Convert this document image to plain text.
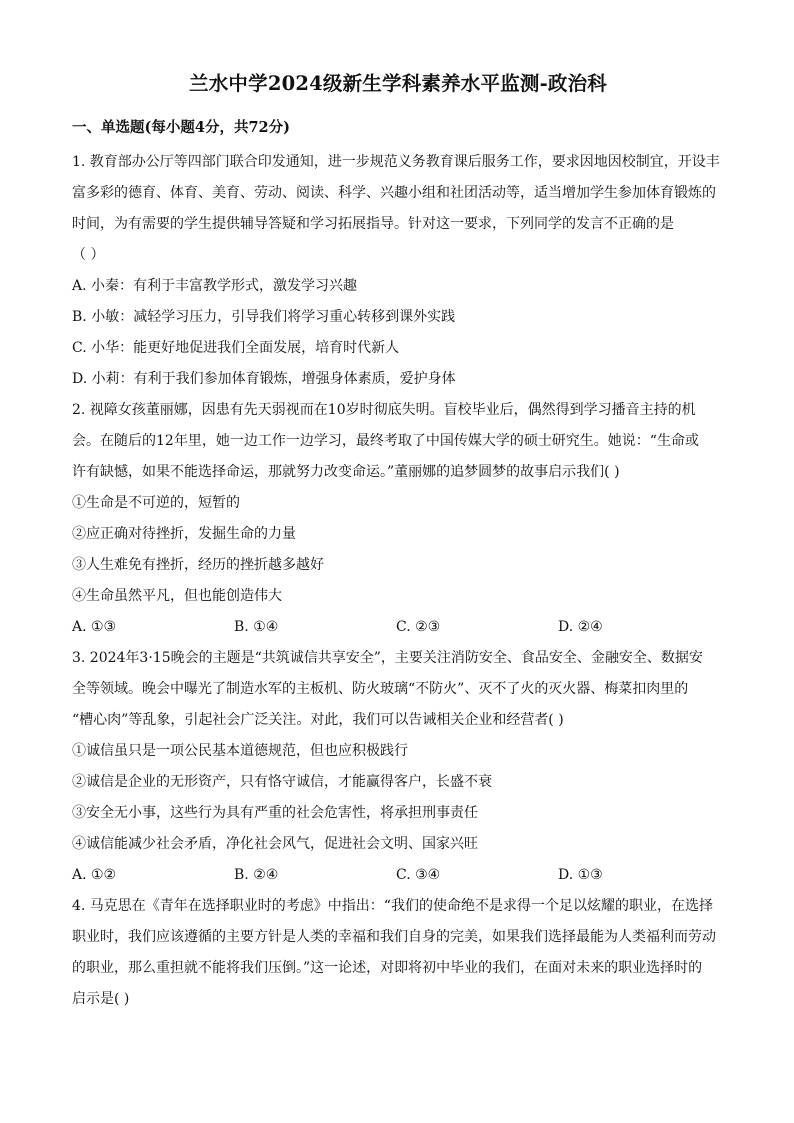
兰水中学2024级新生学科素养水平监测-政治科
一、单选题(每小题4分，共72分)
1. 教育部办公厅等四部门联合印发通知，进一步规范义务教育课后服务工作，要求因地因校制宜，开设丰
富多彩的德育、体育、美育、劳动、阅读、科学、兴趣小组和社团活动等，适当增加学生参加体育锻炼的
时间，为有需要的学生提供辅导答疑和学习拓展指导。针对这一要求，下列同学的发言不正确的是
（ ）
A. 小秦：有利于丰富教学形式，激发学习兴趣
B. 小敏：减轻学习压力，引导我们将学习重心转移到课外实践
C. 小华：能更好地促进我们全面发展，培育时代新人
D. 小莉：有利于我们参加体育锻炼，增强身体素质，爱护身体
2. 视障女孩董丽娜，因患有先天弱视而在10岁时彻底失明。盲校毕业后，偶然得到学习播音主持的机
会。在随后的12年里，她一边工作一边学习，最终考取了中国传媒大学的硕士研究生。她说：“生命或
许有缺憾，如果不能选择命运，那就努力改变命运。”董丽娜的追梦圆梦的故事启示我们( )
①生命是不可逆的，短暂的
②应正确对待挫折，发掘生命的力量
③人生难免有挫折，经历的挫折越多越好
④生命虽然平凡，但也能创造伟大
A. ①③	B. ①④	C. ②③	D. ②④
3. 2024年3·15晚会的主题是“共筑诚信共享安全”，主要关注消防安全、食品安全、金融安全、数据安
全等领域。晚会中曝光了制造水军的主板机、防火玻璃“不防火”、灭不了火的灭火器、梅菜扣肉里的
“槽心肉”等乱象，引起社会广泛关注。对此，我们可以告诫相关企业和经营者( )
①诚信虽只是一项公民基本道德规范，但也应积极践行
②诚信是企业的无形资产，只有恪守诚信，才能赢得客户，长盛不衰
③安全无小事，这些行为具有严重的社会危害性，将承担刑事责任
④诚信能减少社会矛盾，净化社会风气，促进社会文明、国家兴旺
A. ①②	B. ②④	C. ③④	D. ①③
4. 马克思在《青年在选择职业时的考虑》中指出：“我们的使命绝不是求得一个足以炫耀的职业，在选择
职业时，我们应该遵循的主要方针是人类的幸福和我们自身的完美，如果我们选择最能为人类福利而劳动
的职业，那么重担就不能将我们压倒。”这一论述，对即将初中毕业的我们，在面对未来的职业选择时的
启示是( )
